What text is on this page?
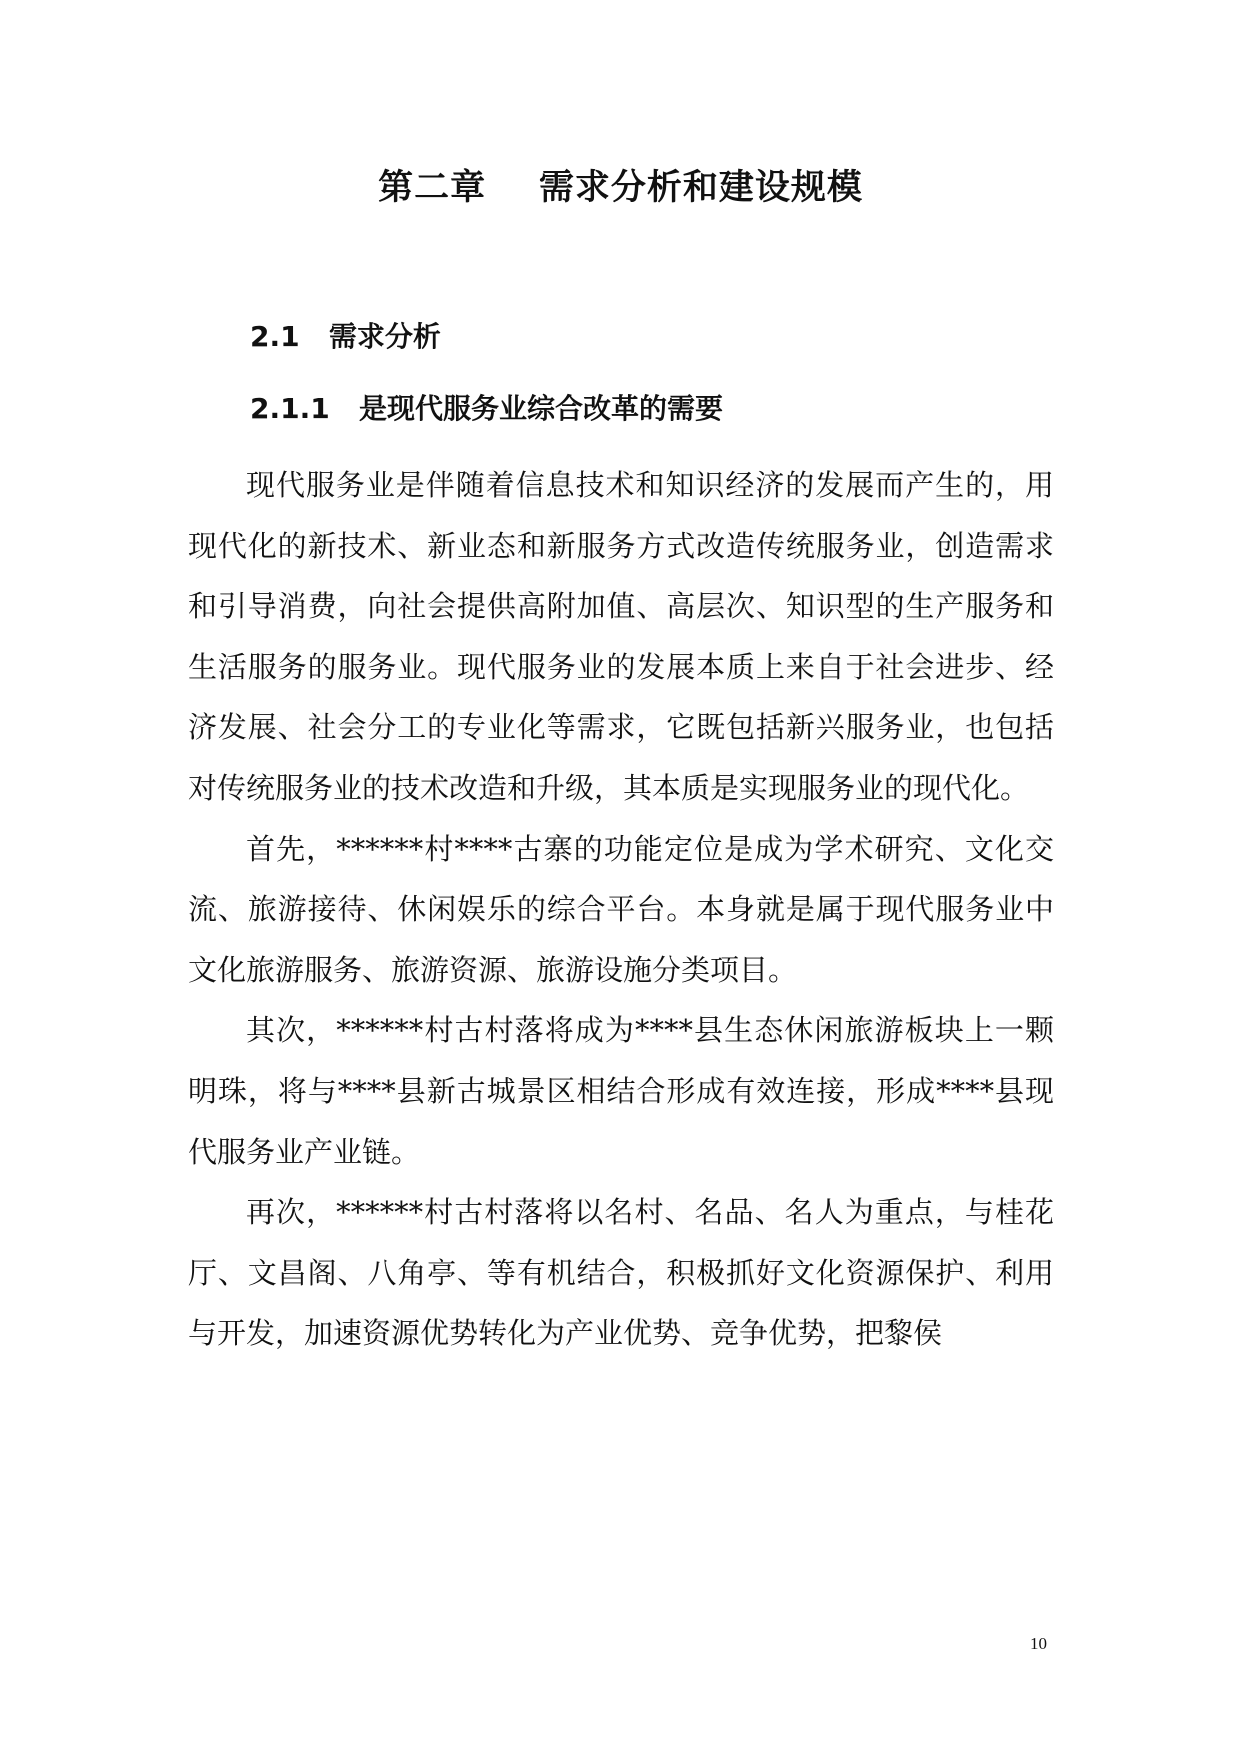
第二章    需求分析和建设规模
2.1   需求分析
2.1.1   是现代服务业综合改革的需要

现代服务业是伴随着信息技术和知识经济的发展而产生的，用现代化的新技术、新业态和新服务方式改造传统服务业，创造需求和引导消费，向社会提供高附加值、高层次、知识型的生产服务和生活服务的服务业。现代服务业的发展本质上来自于社会进步、经济发展、社会分工的专业化等需求，它既包括新兴服务业，也包括对传统服务业的技术改造和升级，其本质是实现服务业的现代化。

首先，******村****古寨的功能定位是成为学术研究、文化交流、旅游接待、休闲娱乐的综合平台。本身就是属于现代服务业中文化旅游服务、旅游资源、旅游设施分类项目。

其次，******村古村落将成为****县生态休闲旅游板块上一颗明珠，将与****县新古城景区相结合形成有效连接，形成****县现代服务业产业链。

再次，******村古村落将以名村、名品、名人为重点，与桂花厅、文昌阁、八角亭、等有机结合，积极抓好文化资源保护、利用与开发，加速资源优势转化为产业优势、竞争优势，把黎侯

10
